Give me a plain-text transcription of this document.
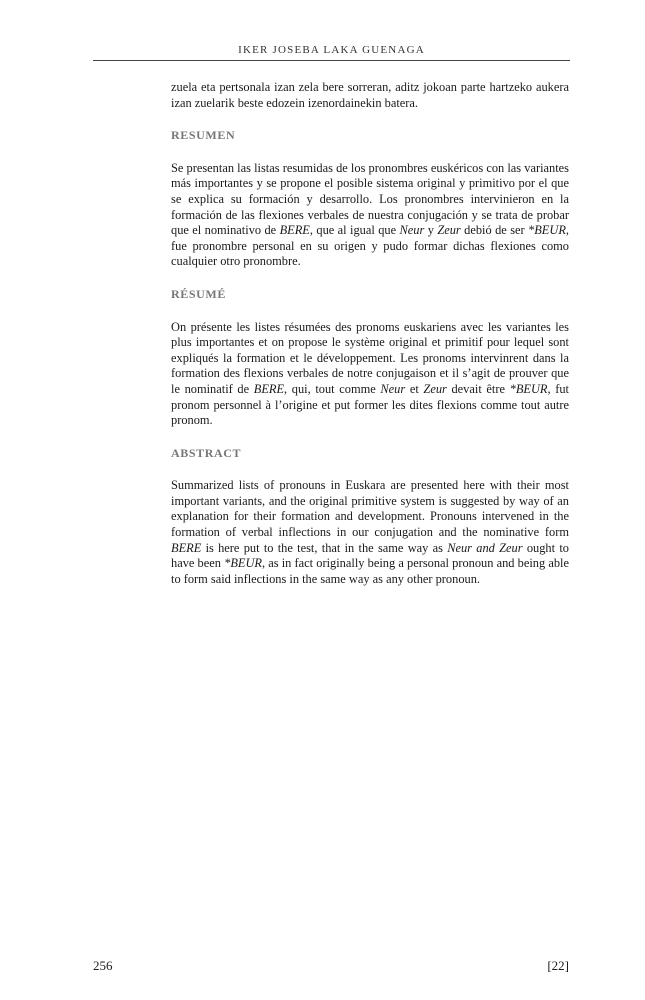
IKER JOSEBA LAKA GUENAGA

zuela eta pertsonala izan zela bere sorreran, aditz jokoan parte hartzeko aukera izan zuelarik beste edozein izenordainekin batera.

RESUMEN

Se presentan las listas resumidas de los pronombres euskéricos con las variantes más importantes y se propone el posible sistema original y primitivo por el que se explica su formación y desarrollo. Los pronombres intervinieron en la formación de las flexiones verbales de nuestra conjugación y se trata de probar que el nominativo de BERE, que al igual que Neur y Zeur debió de ser *BEUR, fue pronombre personal en su origen y pudo formar dichas flexiones como cualquier otro pronombre.

RÉSUMÉ

On présente les listes résumées des pronoms euskariens avec les variantes les plus importantes et on propose le système original et primitif pour lequel sont expliqués la formation et le développement. Les pronoms intervinrent dans la formation des flexions verbales de notre conjugaison et il s’agit de prouver que le nominatif de BERE, qui, tout comme Neur et Zeur devait être *BEUR, fut pronom personnel à l’origine et put former les dites flexions comme tout autre pronom.

ABSTRACT

Summarized lists of pronouns in Euskara are presented here with their most important variants, and the original primitive system is suggested by way of an explanation for their formation and development. Pronouns intervened in the formation of verbal inflections in our conjugation and the nominative form BERE is here put to the test, that in the same way as Neur and Zeur ought to have been *BEUR, as in fact originally being a personal pronoun and being able to form said inflections in the same way as any other pronoun.

256	[22]
